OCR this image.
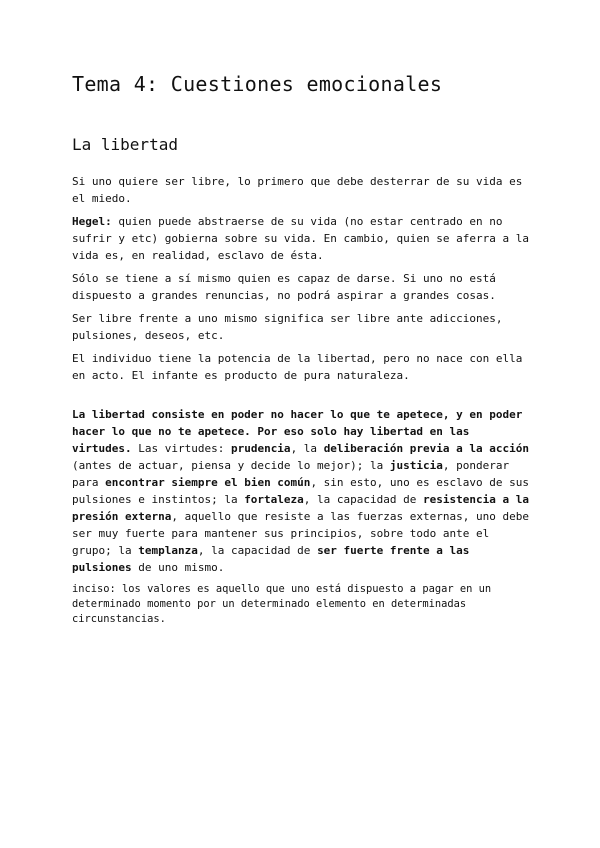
Tema 4: Cuestiones emocionales
La libertad

Si uno quiere ser libre, lo primero que debe desterrar de su vida es el miedo.

Hegel: quien puede abstraerse de su vida (no estar centrado en no sufrir y etc) gobierna sobre su vida. En cambio, quien se aferra a la vida es, en realidad, esclavo de ésta.

Sólo se tiene a sí mismo quien es capaz de darse. Si uno no está dispuesto a grandes renuncias, no podrá aspirar a grandes cosas.

Ser libre frente a uno mismo significa ser libre ante adicciones, pulsiones, deseos, etc.

El individuo tiene la potencia de la libertad, pero no nace con ella en acto. El infante es producto de pura naturaleza.

La libertad consiste en poder no hacer lo que te apetece, y en poder hacer lo que no te apetece. Por eso solo hay libertad en las virtudes. Las virtudes: prudencia, la deliberación previa a la acción (antes de actuar, piensa y decide lo mejor); la justicia, ponderar para encontrar siempre el bien común, sin esto, uno es esclavo de sus pulsiones e instintos; la fortaleza, la capacidad de resistencia a la presión externa, aquello que resiste a las fuerzas externas, uno debe ser muy fuerte para mantener sus principios, sobre todo ante el grupo; la templanza, la capacidad de ser fuerte frente a las pulsiones de uno mismo.

inciso: los valores es aquello que uno está dispuesto a pagar en un determinado momento por un determinado elemento en determinadas circunstancias.
